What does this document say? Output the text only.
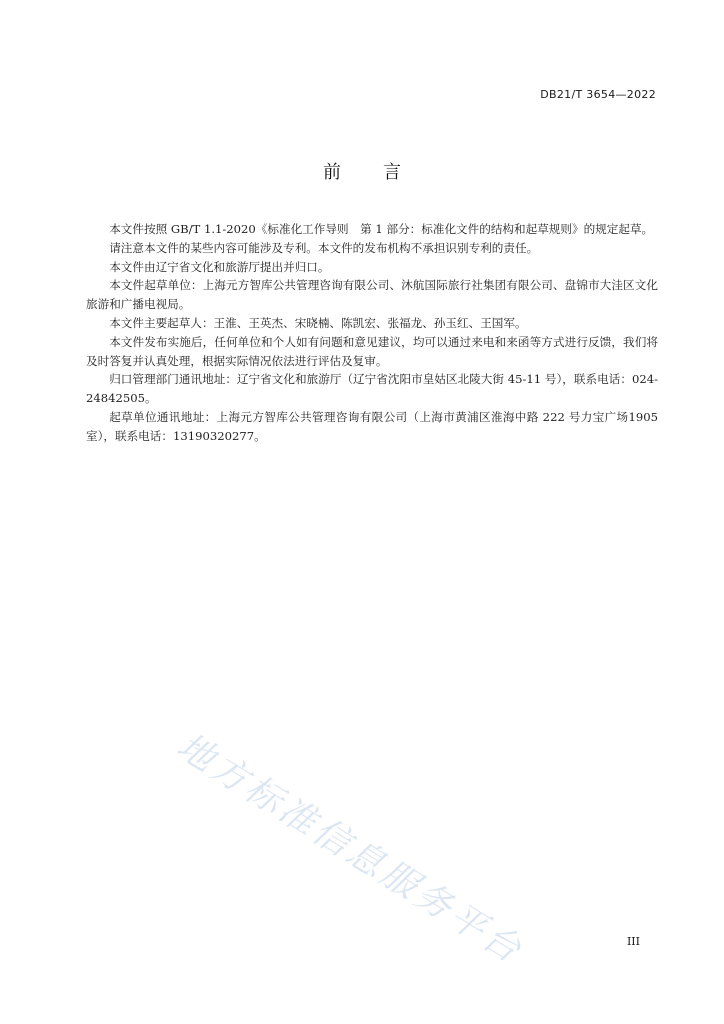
DB21/T 3654—2022
前言

本文件按照 GB/T 1.1-2020《标准化工作导则　第 1 部分：标准化文件的结构和起草规则》的规定起草。

请注意本文件的某些内容可能涉及专利。本文件的发布机构不承担识别专利的责任。

本文件由辽宁省文化和旅游厅提出并归口。

本文件起草单位：上海元方智库公共管理咨询有限公司、沐航国际旅行社集团有限公司、盘锦市大洼区文化旅游和广播电视局。

本文件主要起草人：王淮、王英杰、宋晓楠、陈凯宏、张福龙、孙玉红、王国军。

本文件发布实施后，任何单位和个人如有问题和意见建议，均可以通过来电和来函等方式进行反馈，我们将及时答复并认真处理，根据实际情况依法进行评估及复审。

归口管理部门通讯地址：辽宁省文化和旅游厅（辽宁省沈阳市皇姑区北陵大街 45-11 号），联系电话：024-24842505。

起草单位通讯地址：上海元方智库公共管理咨询有限公司（上海市黄浦区淮海中路 222 号力宝广场1905 室），联系电话：13190320277。

地方标准信息服务平台	III
